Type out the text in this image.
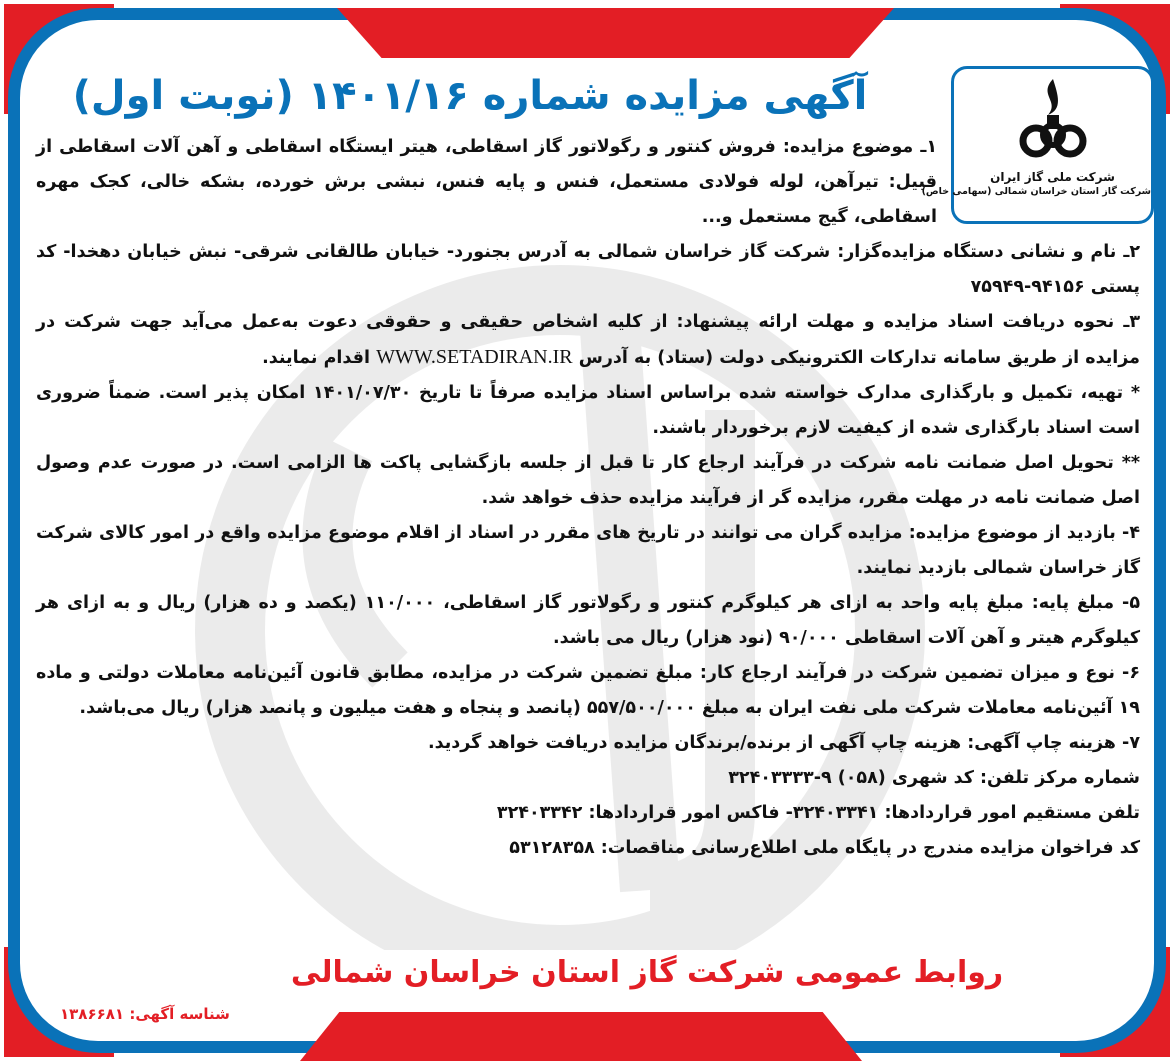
آگهی مزایده شماره ۱۴۰۱/۱۶ (نوبت اول)
شرکت ملی گاز ایران
شرکت گاز استان خراسان شمالی (سهامی خاص)

۱ـ موضوع مزایده: فروش کنتور و رگولاتور گاز اسقاطی، هیتر ایستگاه اسقاطی و آهن آلات اسقاطی از قبیل: تیرآهن، لوله فولادی مستعمل، فنس و پایه فنس، نبشی برش خورده، بشکه خالی، کجک مهره اسقاطی، گیج مستعمل و...

۲ـ نام و نشانی دستگاه مزایده‌گزار: شرکت گاز خراسان شمالی به آدرس بجنورد- خیابان طالقانی شرقی- نبش خیابان دهخدا- کد پستی ۹۴۱۵۶-۷۵۹۴۹

۳ـ نحوه دریافت اسناد مزایده و مهلت ارائه پیشنهاد: از کلیه اشخاص حقیقی و حقوقی دعوت به‌عمل می‌آید جهت شرکت در مزایده از طریق سامانه تدارکات الکترونیکی دولت (ستاد) به آدرس WWW.SETADIRAN.IR اقدام نمایند.

* تهیه، تکمیل و بارگذاری مدارک خواسته شده براساس اسناد مزایده صرفاً تا تاریخ ۱۴۰۱/۰۷/۳۰ امکان پذیر است. ضمناً ضروری است اسناد بارگذاری شده از کیفیت لازم برخوردار باشند.

** تحویل اصل ضمانت نامه شرکت در فرآیند ارجاع کار تا قبل از جلسه بازگشایی پاکت ها الزامی است. در صورت عدم وصول اصل ضمانت نامه در مهلت مقرر، مزایده گر از فرآیند مزایده حذف خواهد شد.

۴- بازدید از موضوع مزایده: مزایده گران می توانند در تاریخ های مقرر در اسناد از اقلام موضوع مزایده واقع در امور کالای شرکت گاز خراسان شمالی بازدید نمایند.

۵- مبلغ پایه: مبلغ پایه واحد به ازای هر کیلوگرم کنتور و رگولاتور گاز اسقاطی، ۱۱۰/۰۰۰ (یکصد و ده هزار) ریال و به ازای هر کیلوگرم هیتر و آهن آلات اسقاطی ۹۰/۰۰۰ (نود هزار) ریال می باشد.

۶- نوع و میزان تضمین شرکت در فرآیند ارجاع کار: مبلغ تضمین شرکت در مزایده، مطابق قانون آئین‌نامه معاملات دولتی و ماده ۱۹ آئین‌نامه معاملات شرکت ملی نفت ایران به مبلغ ۵۵۷/۵۰۰/۰۰۰ (پانصد و پنجاه و هفت میلیون و پانصد هزار) ریال می‌باشد.

۷- هزینه چاپ آگهی: هزینه چاپ آگهی از برنده/برندگان مزایده دریافت خواهد گردید.

شماره مرکز تلفن: کد شهری (۰۵۸) ۹-۳۲۴۰۳۳۳۳

تلفن مستقیم امور قراردادها: ۳۲۴۰۳۳۴۱- فاکس امور قراردادها: ۳۲۴۰۳۳۴۲

کد فراخوان مزایده مندرج در پایگاه ملی اطلاع‌رسانی مناقصات: ۵۳۱۲۸۳۵۸

روابط عمومی شرکت گاز استان خراسان شمالی
شناسه آگهی: ۱۳۸۶۶۸۱
